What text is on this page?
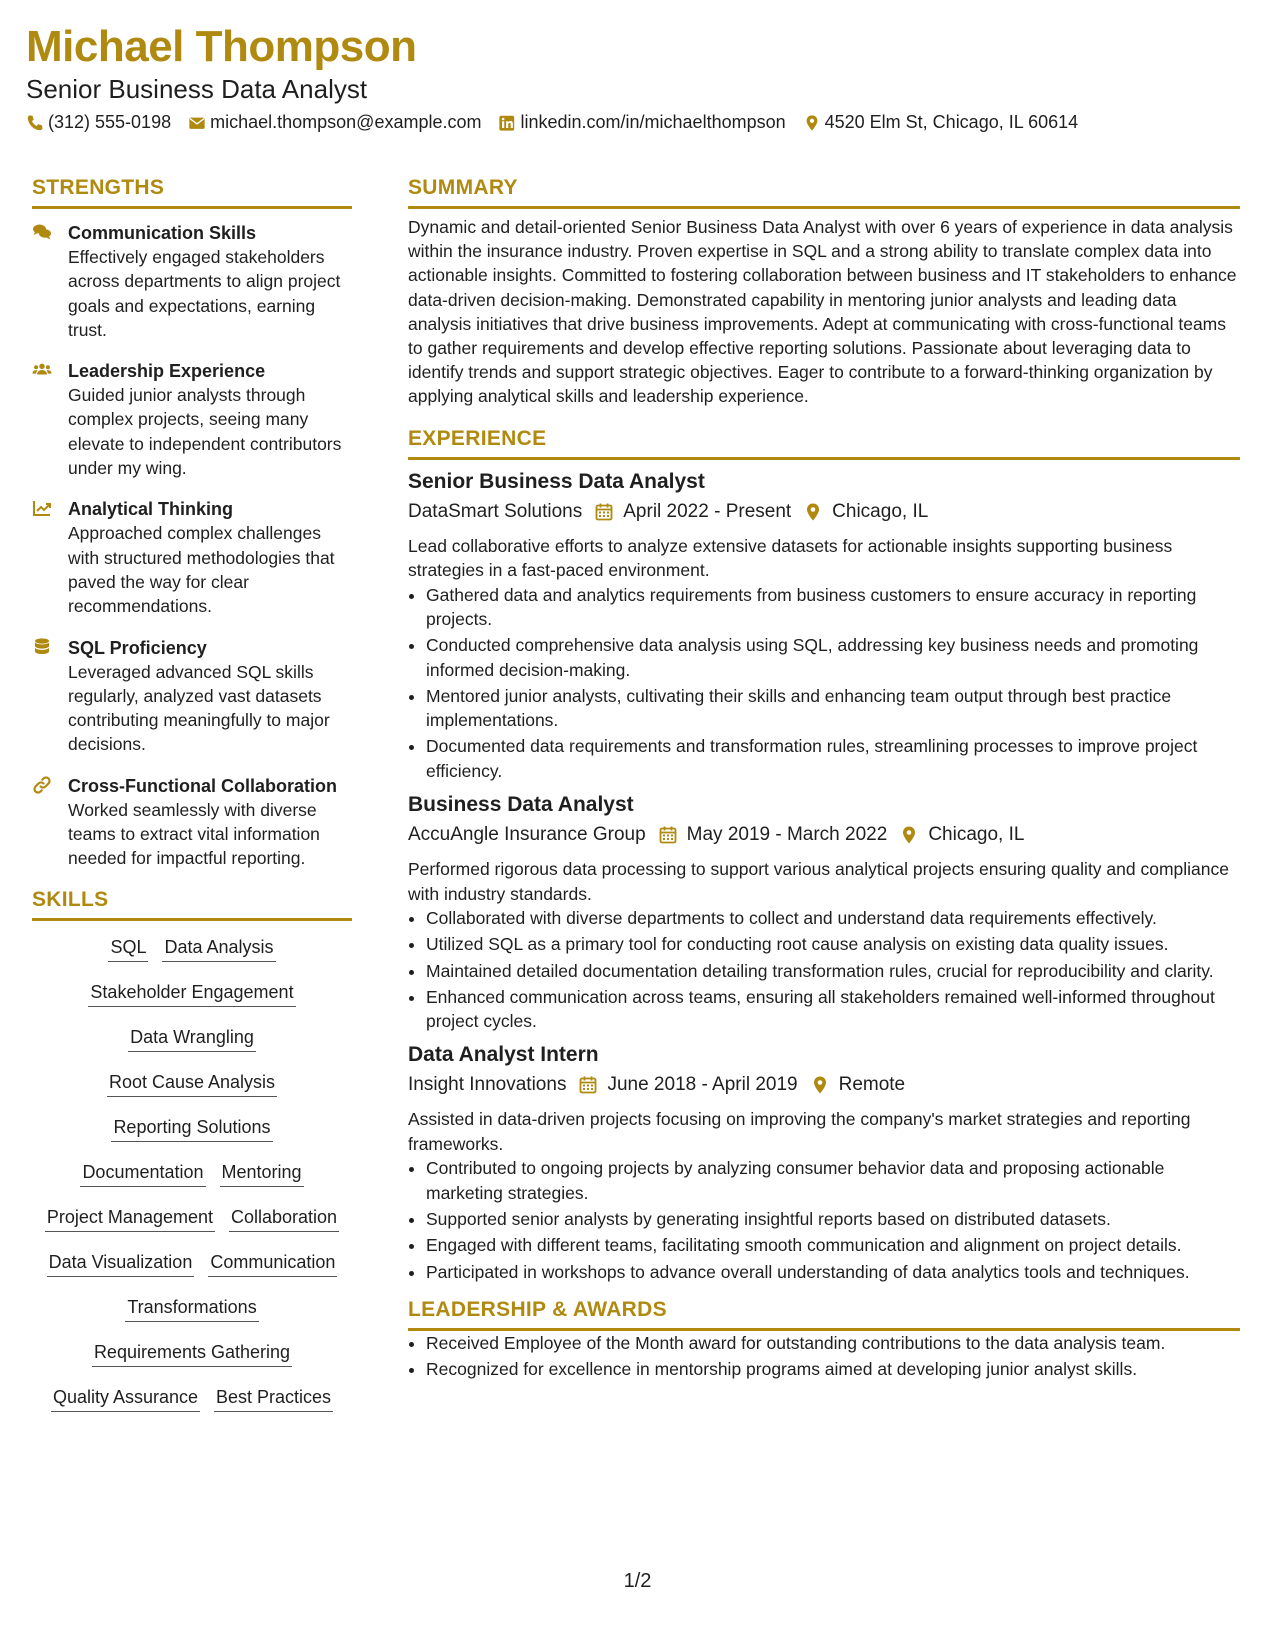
Michael Thompson
Senior Business Data Analyst
(312) 555-0198 michael.thompson@example.com linkedin.com/in/michaelthompson 4520 Elm St, Chicago, IL 60614
STRENGTHS
Communication Skills
Effectively engaged stakeholders across departments to align project goals and expectations, earning trust.
Leadership Experience
Guided junior analysts through complex projects, seeing many elevate to independent contributors under my wing.
Analytical Thinking
Approached complex challenges with structured methodologies that paved the way for clear recommendations.
SQL Proficiency
Leveraged advanced SQL skills regularly, analyzed vast datasets contributing meaningfully to major decisions.
Cross-Functional Collaboration
Worked seamlessly with diverse teams to extract vital information needed for impactful reporting.
SKILLS
SQL Data Analysis
Stakeholder Engagement
Data Wrangling
Root Cause Analysis
Reporting Solutions
Documentation Mentoring
Project Management Collaboration
Data Visualization Communication
Transformations
Requirements Gathering
Quality Assurance Best Practices
SUMMARY
Dynamic and detail-oriented Senior Business Data Analyst with over 6 years of experience in data analysis within the insurance industry. Proven expertise in SQL and a strong ability to translate complex data into actionable insights. Committed to fostering collaboration between business and IT stakeholders to enhance data-driven decision-making. Demonstrated capability in mentoring junior analysts and leading data analysis initiatives that drive business improvements. Adept at communicating with cross-functional teams to gather requirements and develop effective reporting solutions. Passionate about leveraging data to identify trends and support strategic objectives. Eager to contribute to a forward-thinking organization by applying analytical skills and leadership experience.
EXPERIENCE
Senior Business Data Analyst
DataSmart Solutions April 2022 - Present Chicago, IL
Lead collaborative efforts to analyze extensive datasets for actionable insights supporting business strategies in a fast-paced environment.
• Gathered data and analytics requirements from business customers to ensure accuracy in reporting projects.
• Conducted comprehensive data analysis using SQL, addressing key business needs and promoting informed decision-making.
• Mentored junior analysts, cultivating their skills and enhancing team output through best practice implementations.
• Documented data requirements and transformation rules, streamlining processes to improve project efficiency.
Business Data Analyst
AccuAngle Insurance Group May 2019 - March 2022 Chicago, IL
Performed rigorous data processing to support various analytical projects ensuring quality and compliance with industry standards.
• Collaborated with diverse departments to collect and understand data requirements effectively.
• Utilized SQL as a primary tool for conducting root cause analysis on existing data quality issues.
• Maintained detailed documentation detailing transformation rules, crucial for reproducibility and clarity.
• Enhanced communication across teams, ensuring all stakeholders remained well-informed throughout project cycles.
Data Analyst Intern
Insight Innovations June 2018 - April 2019 Remote
Assisted in data-driven projects focusing on improving the company's market strategies and reporting frameworks.
• Contributed to ongoing projects by analyzing consumer behavior data and proposing actionable marketing strategies.
• Supported senior analysts by generating insightful reports based on distributed datasets.
• Engaged with different teams, facilitating smooth communication and alignment on project details.
• Participated in workshops to advance overall understanding of data analytics tools and techniques.
LEADERSHIP & AWARDS
• Received Employee of the Month award for outstanding contributions to the data analysis team.
• Recognized for excellence in mentorship programs aimed at developing junior analyst skills.
1/2
